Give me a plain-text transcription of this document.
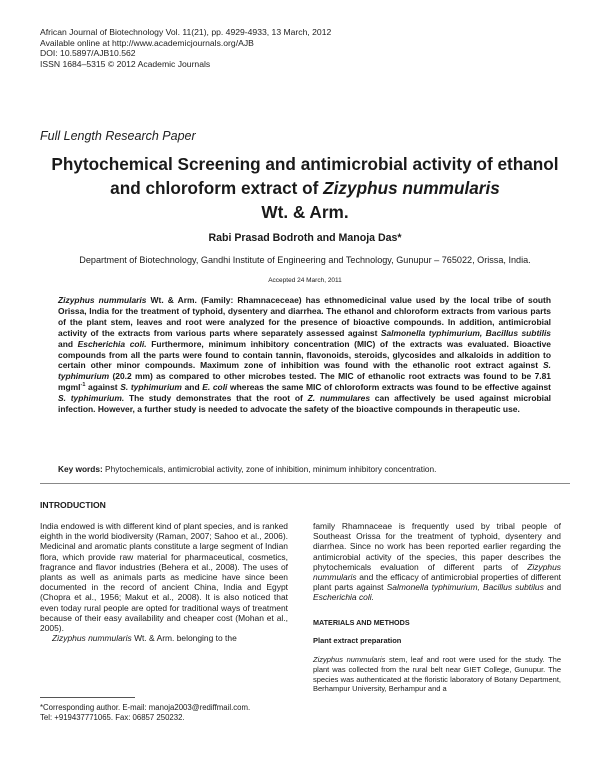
African Journal of Biotechnology Vol. 11(21), pp. 4929-4933, 13 March, 2012
Available online at http://www.academicjournals.org/AJB
DOI: 10.5897/AJB10.562
ISSN 1684–5315 © 2012 Academic Journals
Full Length Research Paper
Phytochemical Screening and antimicrobial activity of ethanol and chloroform extract of Zizyphus nummularis
Wt. & Arm.
Rabi Prasad Bodroth and Manoja Das*
Department of Biotechnology, Gandhi Institute of Engineering and Technology, Gunupur – 765022, Orissa, India.
Accepted 24 March, 2011
Zizyphus nummularis Wt. & Arm. (Family: Rhamnaceceae) has ethnomedicinal value used by the local tribe of south Orissa, India for the treatment of typhoid, dysentery and diarrhea. The ethanol and chloroform extracts from various parts of the plant stem, leaves and root were analyzed for the presence of bioactive compounds. In addition, antimicrobial activity of the extracts from various parts where separately assessed against Salmonella typhimurium, Bacillus subtilis and Escherichia coli. Furthermore, minimum inhibitory concentration (MIC) of the extracts was evaluated. Bioactive compounds from all the parts were found to contain tannin, flavonoids, steroids, glycosides and alkaloids in addition to certain other minor compounds. Maximum zone of inhibition was found with the ethanolic root extract against S. typhimurium (20.2 mm) as compared to other microbes tested. The MIC of ethanolic root extracts was found to be 7.81 mgml$^{-1}$ against S. typhimurium and E. coli whereas the same MIC of chloroform extracts was found to be effective against S. typhimurium. The study demonstrates that the root of Z. nummulares can affectively be used against microbial infection. However, a further study is needed to advocate the safety of the bioactive compounds in therapeutic use.
Key words: Phytochemicals, antimicrobial activity, zone of inhibition, minimum inhibitory concentration.
INTRODUCTION
India endowed is with different kind of plant species, and is ranked eighth in the world biodiversity (Raman, 2007; Sahoo et al., 2006). Medicinal and aromatic plants constitute a large segment of Indian flora, which provide raw material for pharmaceutical, cosmetics, fragrance and flavor industries (Behera et al., 2008). The uses of plants as well as animals parts as medicine have since been documented in the record of ancient China, India and Egypt (Chopra et al., 1956; Makut et al., 2008). It is also noticed that even today rural people are opted for traditional ways of treatment because of their easy availability and cheaper cost (Mohan et al., 2005).
Zizyphus nummularis Wt. & Arm. belonging to the
family Rhamnaceae is frequently used by tribal people of Southeast Orissa for the treatment of typhoid, dysentery and diarrhea. Since no work has been reported earlier regarding the antimicrobial activity of the species, this paper describes the phytochemicals evaluation of different parts of Zizyphus nummularis and the efficacy of antimicrobial properties of different plant parts against Salmonella typhimurium, Bacillus subtilus and Escherichia coli.
MATERIALS AND METHODS
Plant extract preparation
Zizyphus nummularis stem, leaf and root were used for the study. The plant was collected from the rural belt near GIET College, Gunupur. The species was authenticated at the floristic laboratory of Botany Department, Berhampur University, Berhampur and a
*Corresponding author. E-mail: manoja2003@rediffmail.com.
Tel: +919437771065. Fax: 06857 250232.
